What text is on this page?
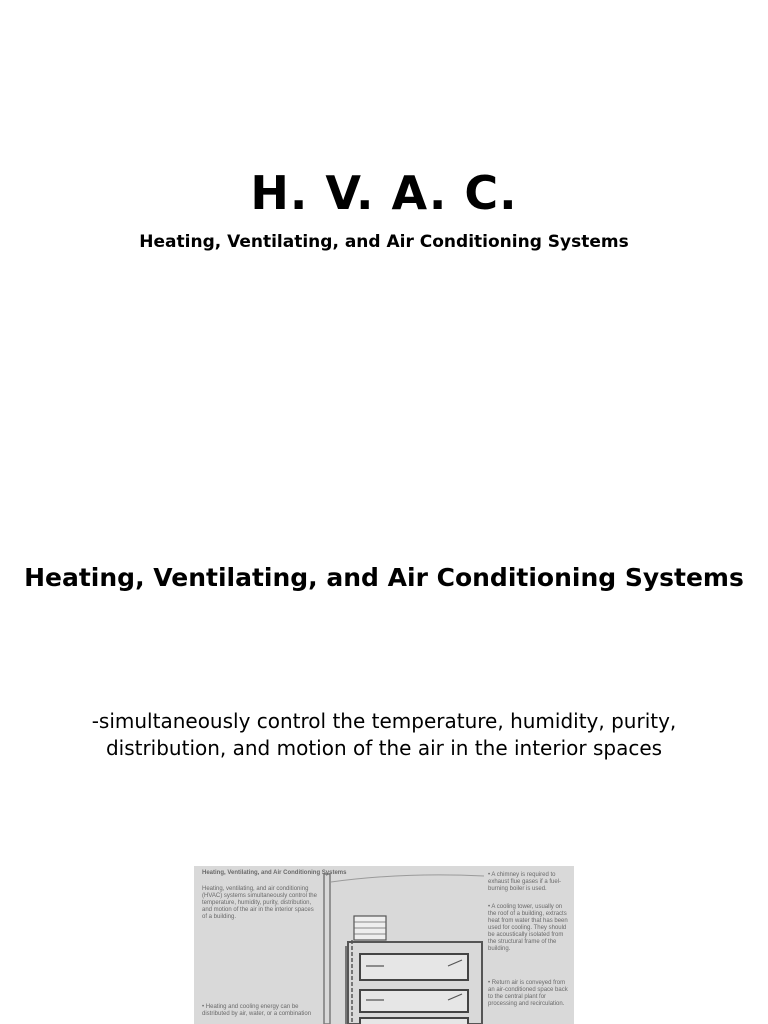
H. V. A. C.

Heating, Ventilating, and Air Conditioning Systems

Heating, Ventilating, and Air Conditioning Systems

-simultaneously control the temperature, humidity, purity, distribution, and motion of the air in the interior spaces

Heating, Ventilating, and Air Conditioning Systems
Heating, ventilating, and air conditioning (HVAC) systems simultaneously control the temperature, humidity, purity, distribution, and motion of the air in the interior spaces of a building.
• Heating and cooling energy can be distributed by air, water, or a combination
• A chimney is required to exhaust flue gases if a fuel-burning boiler is used.
• A cooling tower, usually on the roof of a building, extracts heat from water that has been used for cooling. They should be acoustically isolated from the structural frame of the building.
• Return air is conveyed from an air-conditioned space back to the central plant for processing and recirculation.
